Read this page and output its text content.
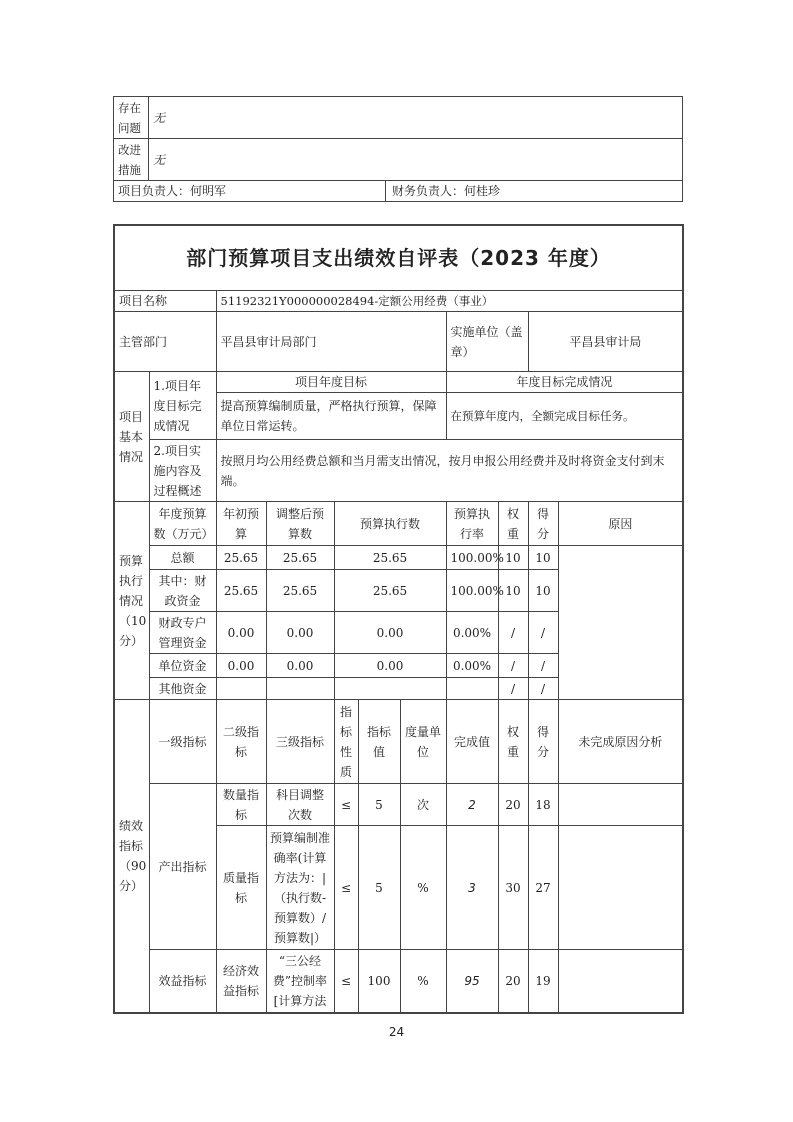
存在问题	无
改进措施	无

项目负责人：何明军 财务负责人：何桂珍	
部门预算项目支出绩效自评表（2023 年度）										
项目名称		51192321Y000000028494-定额公用经费（事业）								
主管部门		平昌县审计局部门					实施单位（盖章）		平昌县审计局	
项目基本情况	1.项目年度目标完成情况	项目年度目标					年度目标完成情况			
		提高预算编制质量，严格执行预算，保障单位日常运转。					在预算年度内，全额完成目标任务。			
	2.项目实施内容及过程概述	按照月均公用经费总额和当月需支出情况，按月申报公用经费并及时将资金支付到末端。								
预算执行情况（10分）	年度预算数（万元）	年初预算	调整后预算数	预算执行数			预算执行率	权重	得分	原因
	总额	25.65	25.65	25.65			100.00%	10	10	
	其中：财政资金	25.65	25.65	25.65			100.00%	10	10	
	财政专户管理资金	0.00	0.00	0.00			0.00%	/	/	
	单位资金	0.00	0.00	0.00			0.00%	/	/	
	其他资金							/	/	
绩效指标（90分）	一级指标	二级指标	三级指标	指标性质	指标值	度量单位	完成值	权重	得分	未完成原因分析
	产出指标	数量指标	科目调整次数	≤	5	次	2	20	18	
		质量指标	预算编制准确率(计算方法为：|（执行数-预算数）/预算数|）	≤	5	%	3	30	27	
	效益指标	经济效益指标	“三公经费”控制率[计算方法	≤	100	%	95	20	19	
24
